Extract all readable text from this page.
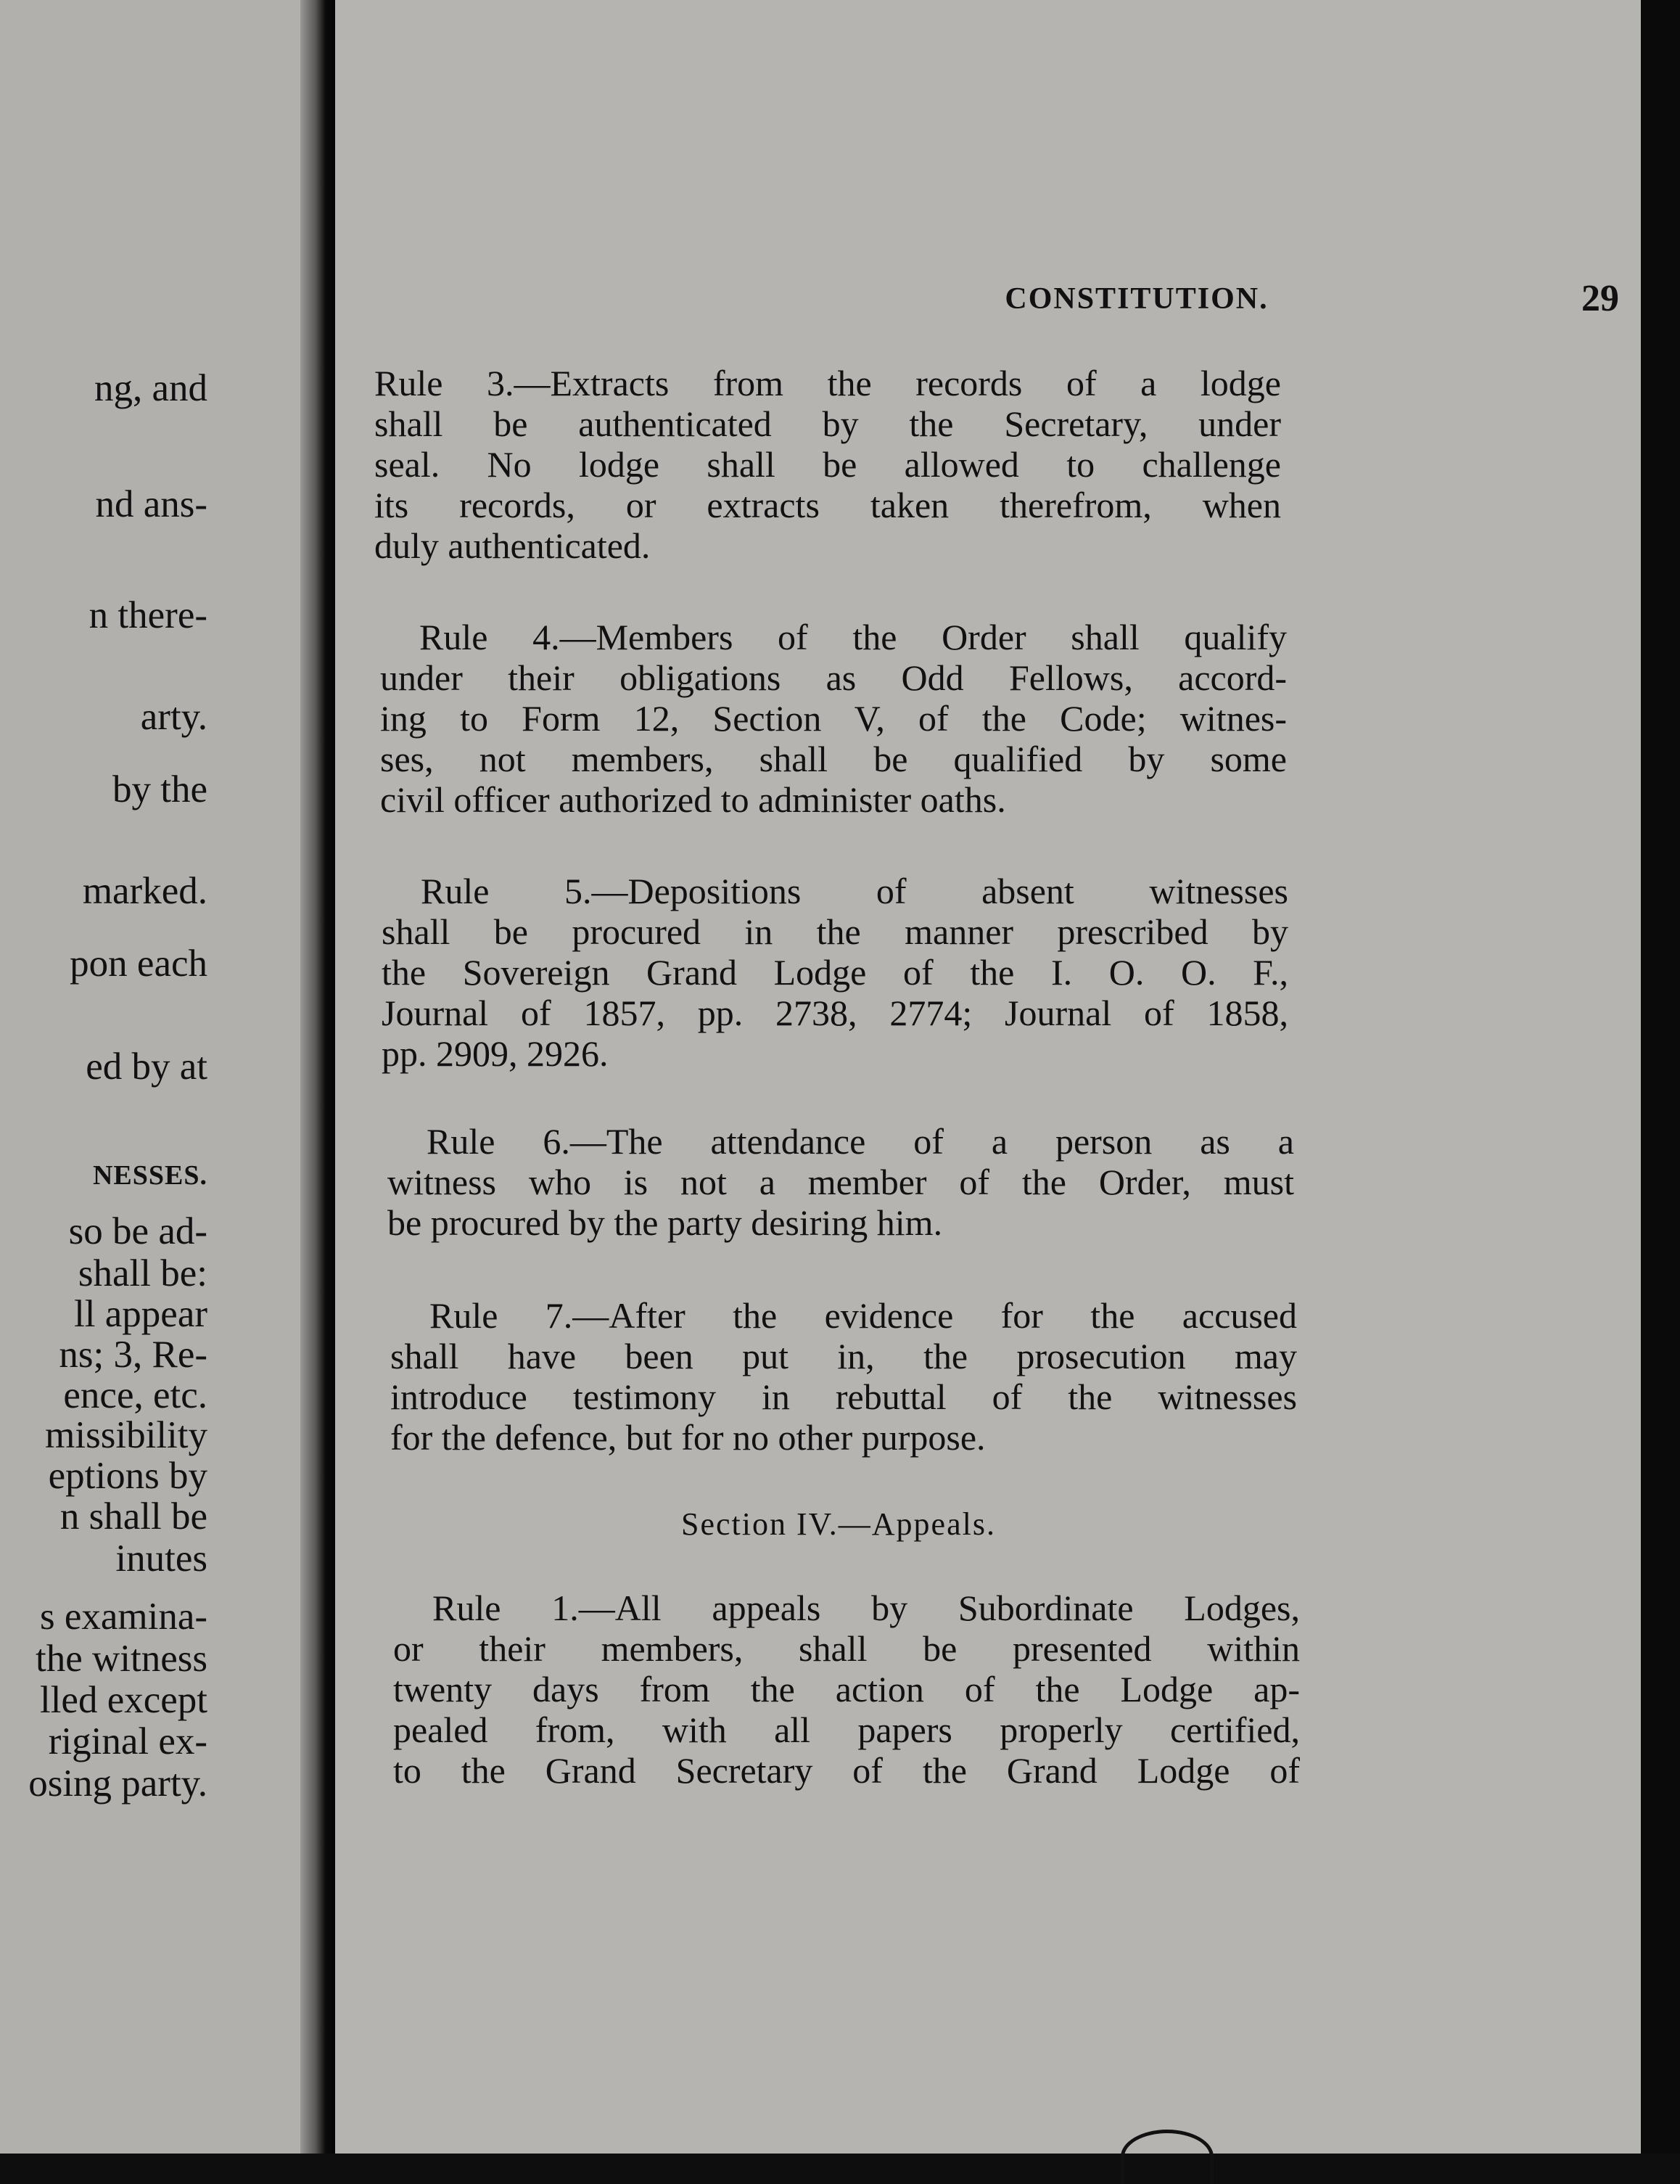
ng, and
nd ans-
n there-
arty.
by the
marked.
pon each
ed by at
NESSES.
so be ad-
shall be:
ll appear
ns; 3, Re-
ence, etc.
missibility
eptions by
n shall be
inutes
s examina-
the witness
lled except
riginal ex-
osing party.
CONSTITUTION.	29
Rule 3.—Extracts from the records of a lodge
shall be authenticated by the Secretary, under
seal. No lodge shall be allowed to challenge
its records, or extracts taken therefrom, when
duly authenticated.
Rule 4.—Members of the Order shall qualify
under their obligations as Odd Fellows, accord-
ing to Form 12, Section V, of the Code; witnes-
ses, not members, shall be qualified by some
civil officer authorized to administer oaths.
Rule 5.—Depositions of absent witnesses
shall be procured in the manner prescribed by
the Sovereign Grand Lodge of the I. O. O. F.,
Journal of 1857, pp. 2738, 2774; Journal of 1858,
pp. 2909, 2926.
Rule 6.—The attendance of a person as a
witness who is not a member of the Order, must
be procured by the party desiring him.
Rule 7.—After the evidence for the accused
shall have been put in, the prosecution may
introduce testimony in rebuttal of the witnesses
for the defence, but for no other purpose.
Section IV.—Appeals.
Rule 1.—All appeals by Subordinate Lodges,
or their members, shall be presented within
twenty days from the action of the Lodge ap-
pealed from, with all papers properly certified,
to the Grand Secretary of the Grand Lodge of
